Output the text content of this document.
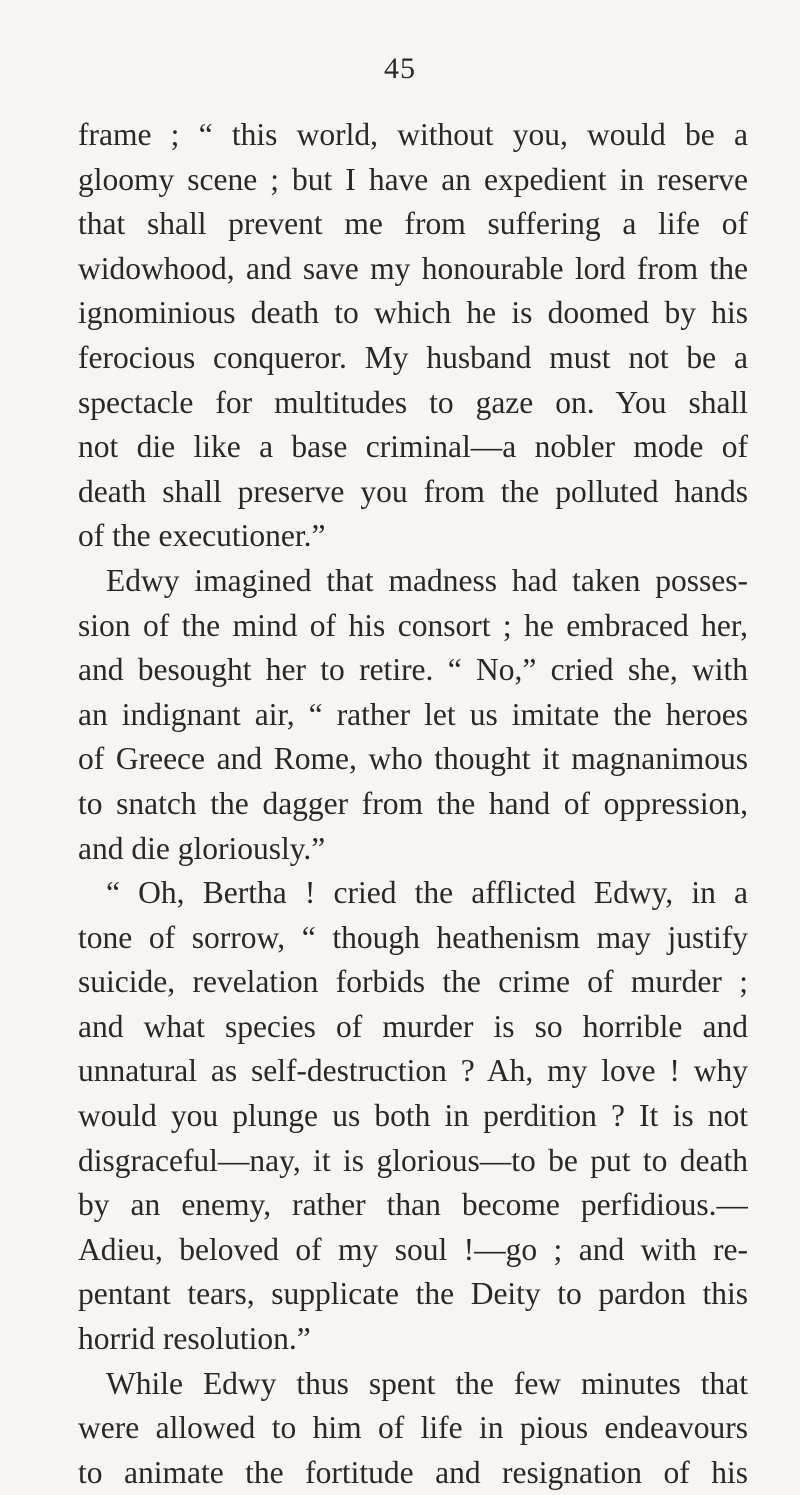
45
frame ; “ this world, without you, would be a
gloomy scene ; but I have an expedient in reserve
that shall prevent me from suffering a life of
widowhood, and save my honourable lord from the
ignominious death to which he is doomed by his
ferocious conqueror. My husband must not be a
spectacle for multitudes to gaze on. You shall
not die like a base criminal—a nobler mode of
death shall preserve you from the polluted hands
of the executioner.”
Edwy imagined that madness had taken posses-
sion of the mind of his consort ; he embraced her,
and besought her to retire. “ No,” cried she, with
an indignant air, “ rather let us imitate the heroes
of Greece and Rome, who thought it magnanimous
to snatch the dagger from the hand of oppression,
and die gloriously.”
“ Oh, Bertha ! cried the afflicted Edwy, in a
tone of sorrow, “ though heathenism may justify
suicide, revelation forbids the crime of murder ;
and what species of murder is so horrible and
unnatural as self-destruction ? Ah, my love ! why
would you plunge us both in perdition ? It is not
disgraceful—nay, it is glorious—to be put to death
by an enemy, rather than become perfidious.—
Adieu, beloved of my soul !—go ; and with re-
pentant tears, supplicate the Deity to pardon this
horrid resolution.”
While Edwy thus spent the few minutes that
were allowed to him of life in pious endeavours
to animate the fortitude and resignation of his
